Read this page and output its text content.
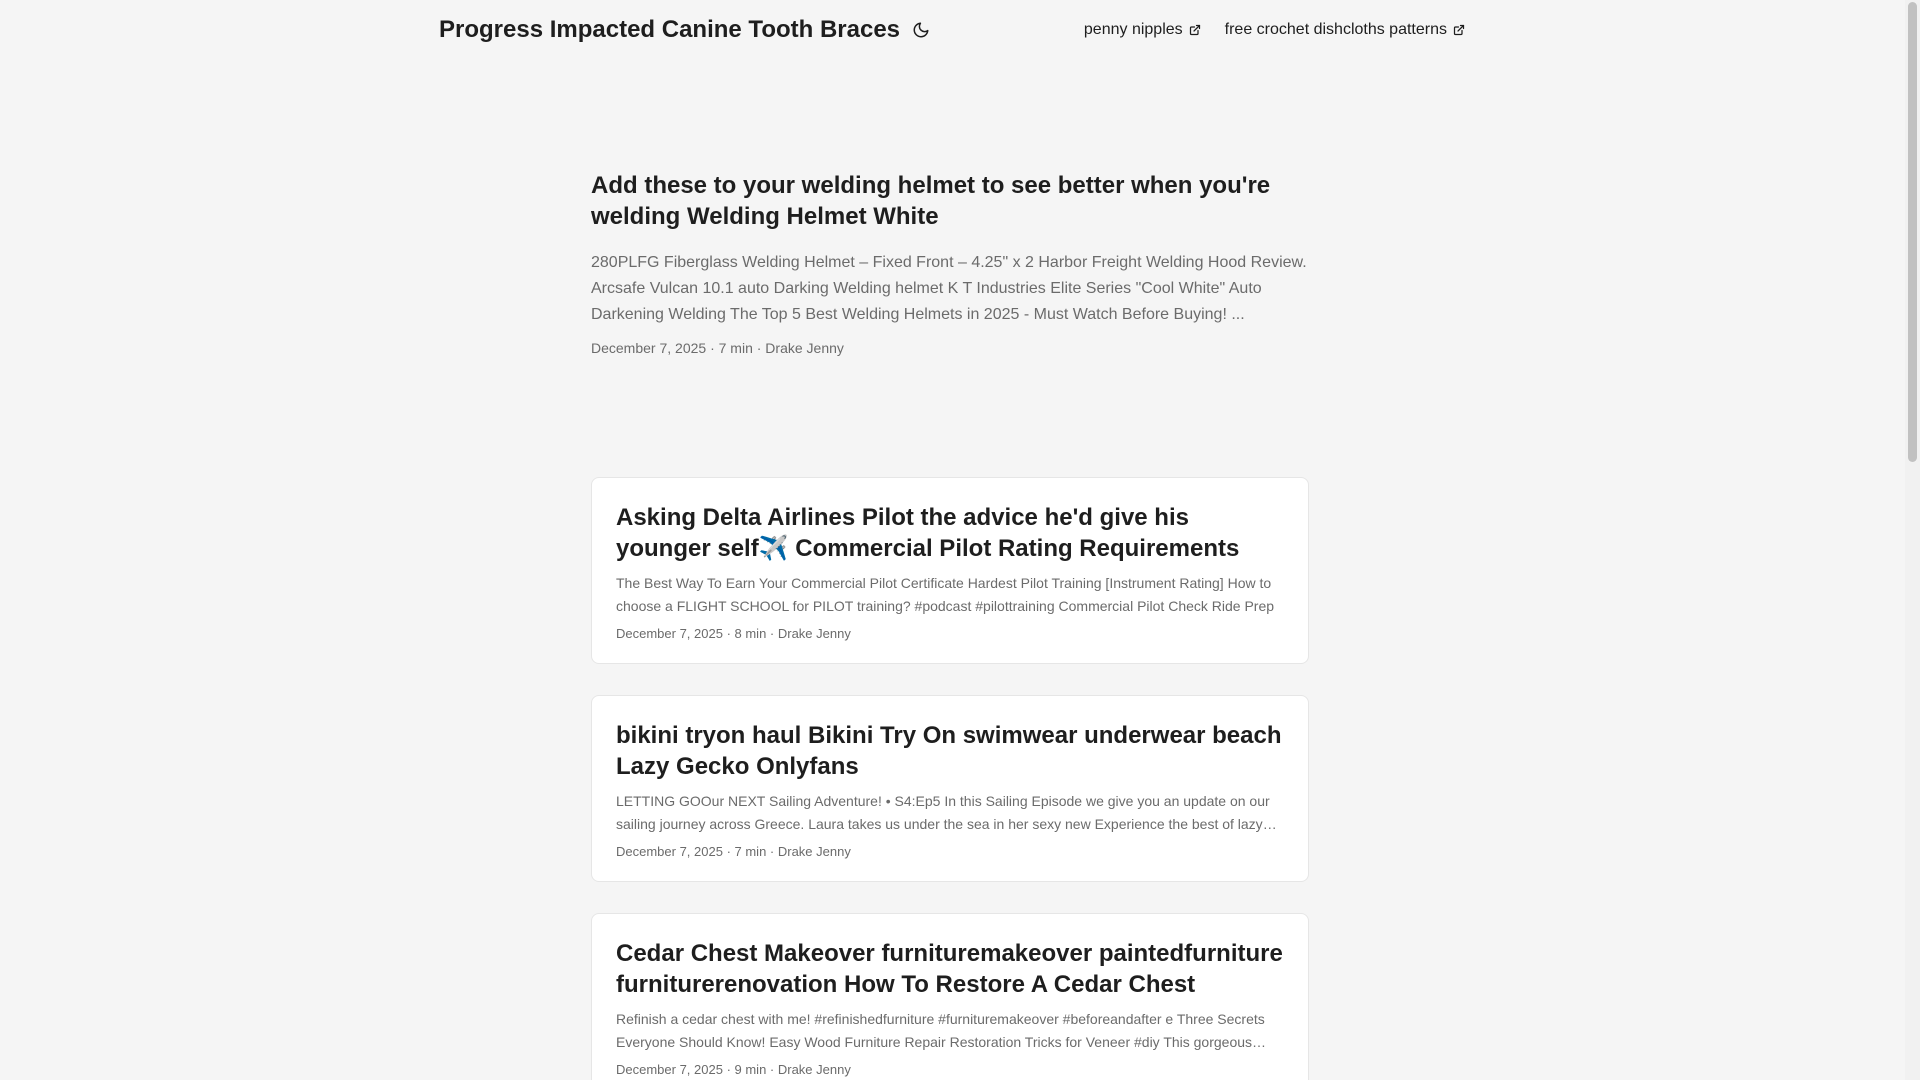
Progress Impacted Canine Tooth Braces	penny nipples	free crochet dishcloths patterns
Add these to your welding helmet to see better when you're welding Welding Helmet White

280PLFG Fiberglass Welding Helmet – Fixed Front – 4.25" x 2 Harbor Freight Welding Hood Review. Arcsafe Vulcan 10.1 auto Darking Welding helmet K T Industries Elite Series "Cool White" Auto Darkening Welding The Top 5 Best Welding Helmets in 2025 - Must Watch Before Buying! ...

December 7, 2025 · 7 min · Drake Jenny
Asking Delta Airlines Pilot the advice he'd give his younger self✈️ Commercial Pilot Rating Requirements

The Best Way To Earn Your Commercial Pilot Certificate Hardest Pilot Training [Instrument Rating] How to choose a FLIGHT SCHOOL for PILOT training? #podcast #pilottraining Commercial Pilot Check Ride Prep

December 7, 2025 · 8 min · Drake Jenny
bikini tryon haul Bikini Try On swimwear underwear beach Lazy Gecko Onlyfans

LETTING GOOur NEXT Sailing Adventure! • S4:Ep5 In this Sailing Episode we give you an update on our sailing journey across Greece. Laura takes us under the sea in her sexy new Experience the best of lazy

December 7, 2025 · 7 min · Drake Jenny
Cedar Chest Makeover furnituremakeover paintedfurniture furniturerenovation How To Restore A Cedar Chest

Refinish a cedar chest with me! #refinishedfurniture #furnituremakeover #beforeandafter e Three Secrets Everyone Should Know! Easy Wood Furniture Repair Restoration Tricks for Veneer #diy This gorgeous

December 7, 2025 · 9 min · Drake Jenny
